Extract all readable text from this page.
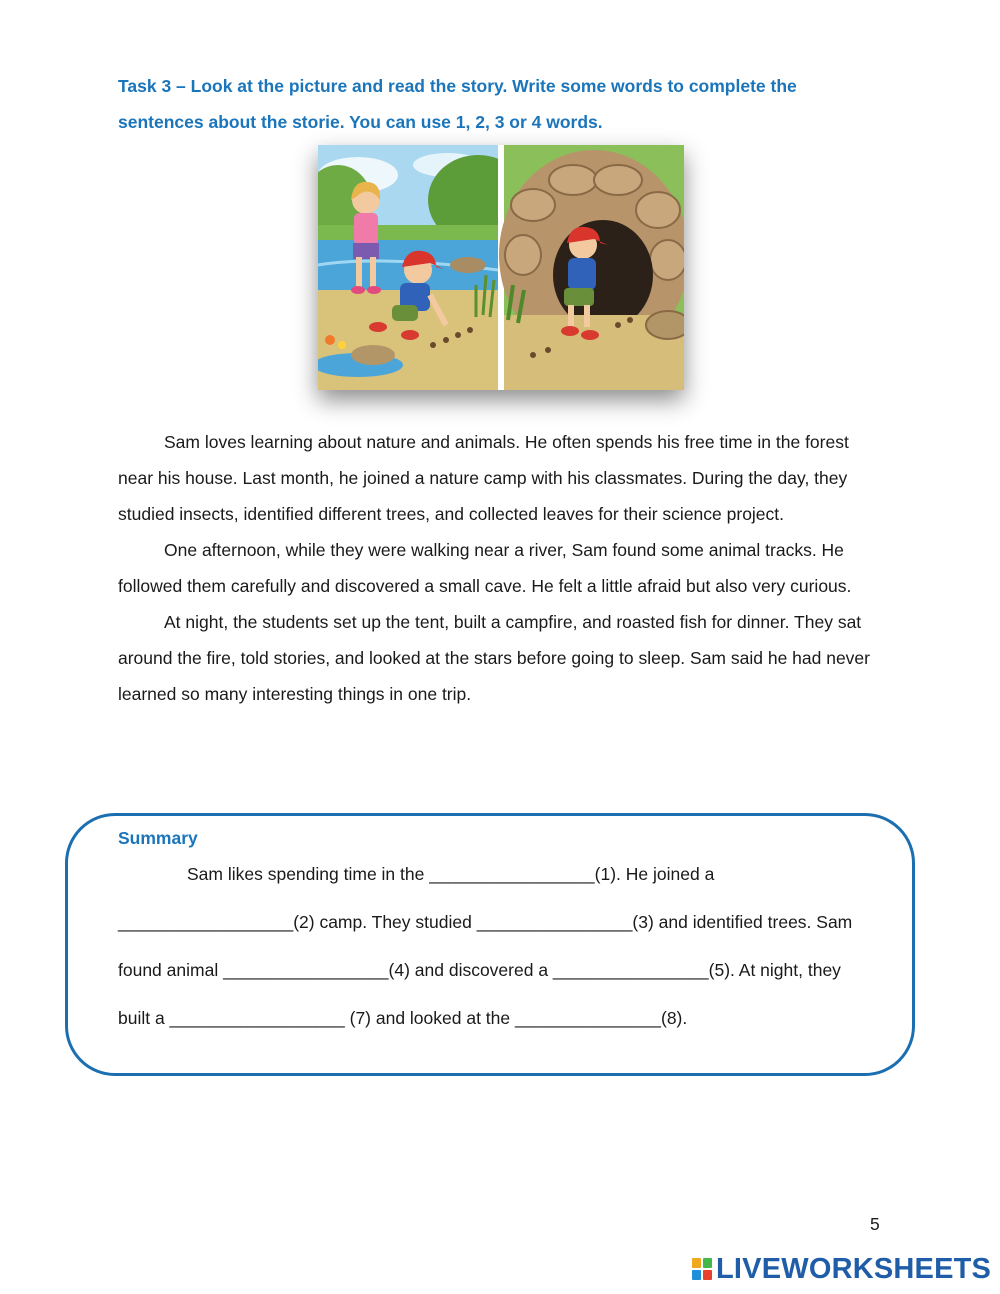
Task 3 – Look at the picture and read the story. Write some words to complete the sentences about the storie. You can use 1, 2, 3 or 4 words.

Sam loves learning about nature and animals. He often spends his free time in the forest near his house. Last month, he joined a nature camp with his classmates. During the day, they studied insects, identified different trees, and collected leaves for their science project.

One afternoon, while they were walking near a river, Sam found some animal tracks. He followed them carefully and discovered a small cave. He felt a little afraid but also very curious.

At night, the students set up the tent, built a campfire, and roasted fish for dinner. They sat around the fire, told stories, and looked at the stars before going to sleep. Sam said he had never learned so many interesting things in one trip.

Summary

Sam likes spending time in the _________________(1). He joined a

__________________(2) camp. They studied ________________(3) and identified trees. Sam

found animal _________________(4) and discovered a ________________(5). At night, they

built a __________________ (7) and looked at the _______________(8).

5
LIVEWORKSHEETS
